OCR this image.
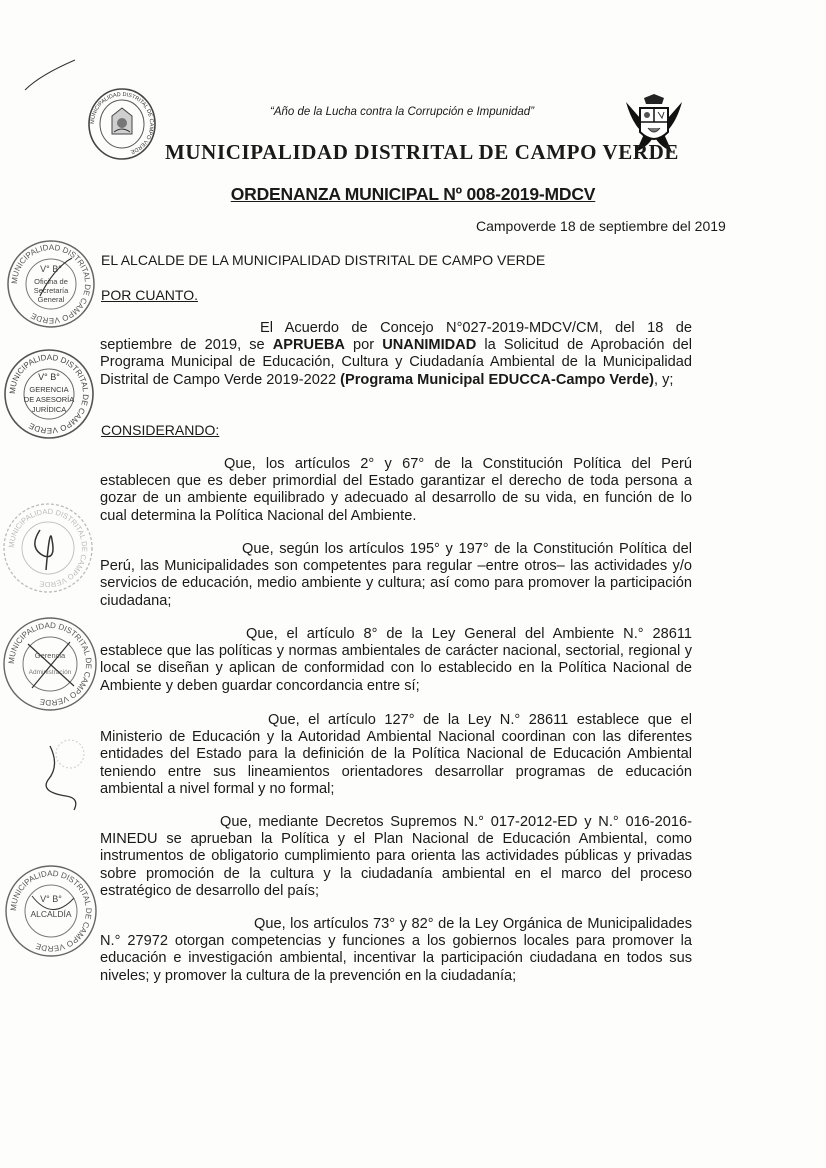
MUNICIPALIDAD DISTRITAL DE CAMPO VERDE
“Año de la Lucha contra la Corrupción e Impunidad”
MUNICIPALIDAD DISTRITAL DE CAMPO VERDE
ORDENANZA MUNICIPAL Nº 008-2019-MDCV
Campoverde 18 de septiembre del 2019
EL ALCALDE DE LA MUNICIPALIDAD DISTRITAL DE CAMPO VERDE
POR CUANTO.
El Acuerdo de Concejo N°027-2019-MDCV/CM, del 18 de septiembre de 2019, se APRUEBA por UNANIMIDAD la Solicitud de Aprobación del Programa Municipal de Educación, Cultura y Ciudadanía Ambiental de la Municipalidad Distrital de Campo Verde 2019-2022 (Programa Municipal EDUCCA-Campo Verde), y;
CONSIDERANDO:
Que, los artículos 2° y 67° de la Constitución Política del Perú establecen que es deber primordial del Estado garantizar el derecho de toda persona a gozar de un ambiente equilibrado y adecuado al desarrollo de su vida, en función de lo cual determina la Política Nacional del Ambiente.
Que, según los artículos 195° y 197° de la Constitución Política del Perú, las Municipalidades son competentes para regular –entre otros– las actividades y/o servicios de educación, medio ambiente y cultura; así como para promover la participación ciudadana;
Que, el artículo 8° de la Ley General del Ambiente N.° 28611 establece que las políticas y normas ambientales de carácter nacional, sectorial, regional y local se diseñan y aplican de conformidad con lo establecido en la Política Nacional de Ambiente y deben guardar concordancia entre sí;
Que, el artículo 127° de la Ley N.° 28611 establece que el Ministerio de Educación y la Autoridad Ambiental Nacional coordinan con las diferentes entidades del Estado para la definición de la Política Nacional de Educación Ambiental teniendo entre sus lineamientos orientadores desarrollar programas de educación ambiental a nivel formal y no formal;
Que, mediante Decretos Supremos N.° 017-2012-ED y N.° 016-2016-MINEDU se aprueban la Política y el Plan Nacional de Educación Ambiental, como instrumentos de obligatorio cumplimiento para orienta las actividades públicas y privadas sobre promoción de la cultura y la ciudadanía ambiental en el marco del proceso estratégico de desarrollo del país;
Que, los artículos 73° y 82° de la Ley Orgánica de Municipalidades N.° 27972 otorgan competencias y funciones a los gobiernos locales para promover la educación e investigación ambiental, incentivar la participación ciudadana en todos sus niveles; y promover la cultura de la prevención en la ciudadanía;
MUNICIPALIDAD DISTRITAL DE CAMPO VERDE
V° B°
Oficina de
Secretaría
General
MUNICIPALIDAD DISTRITAL DE CAMPO VERDE
V° B°
GERENCIA
DE ASESORÍA
JURÍDICA
MUNICIPALIDAD DISTRITAL DE CAMPO VERDE
MUNICIPALIDAD DISTRITAL DE CAMPO VERDE
Gerencia
Administración
MUNICIPALIDAD DISTRITAL DE CAMPO VERDE
V° B°
ALCALDÍA
